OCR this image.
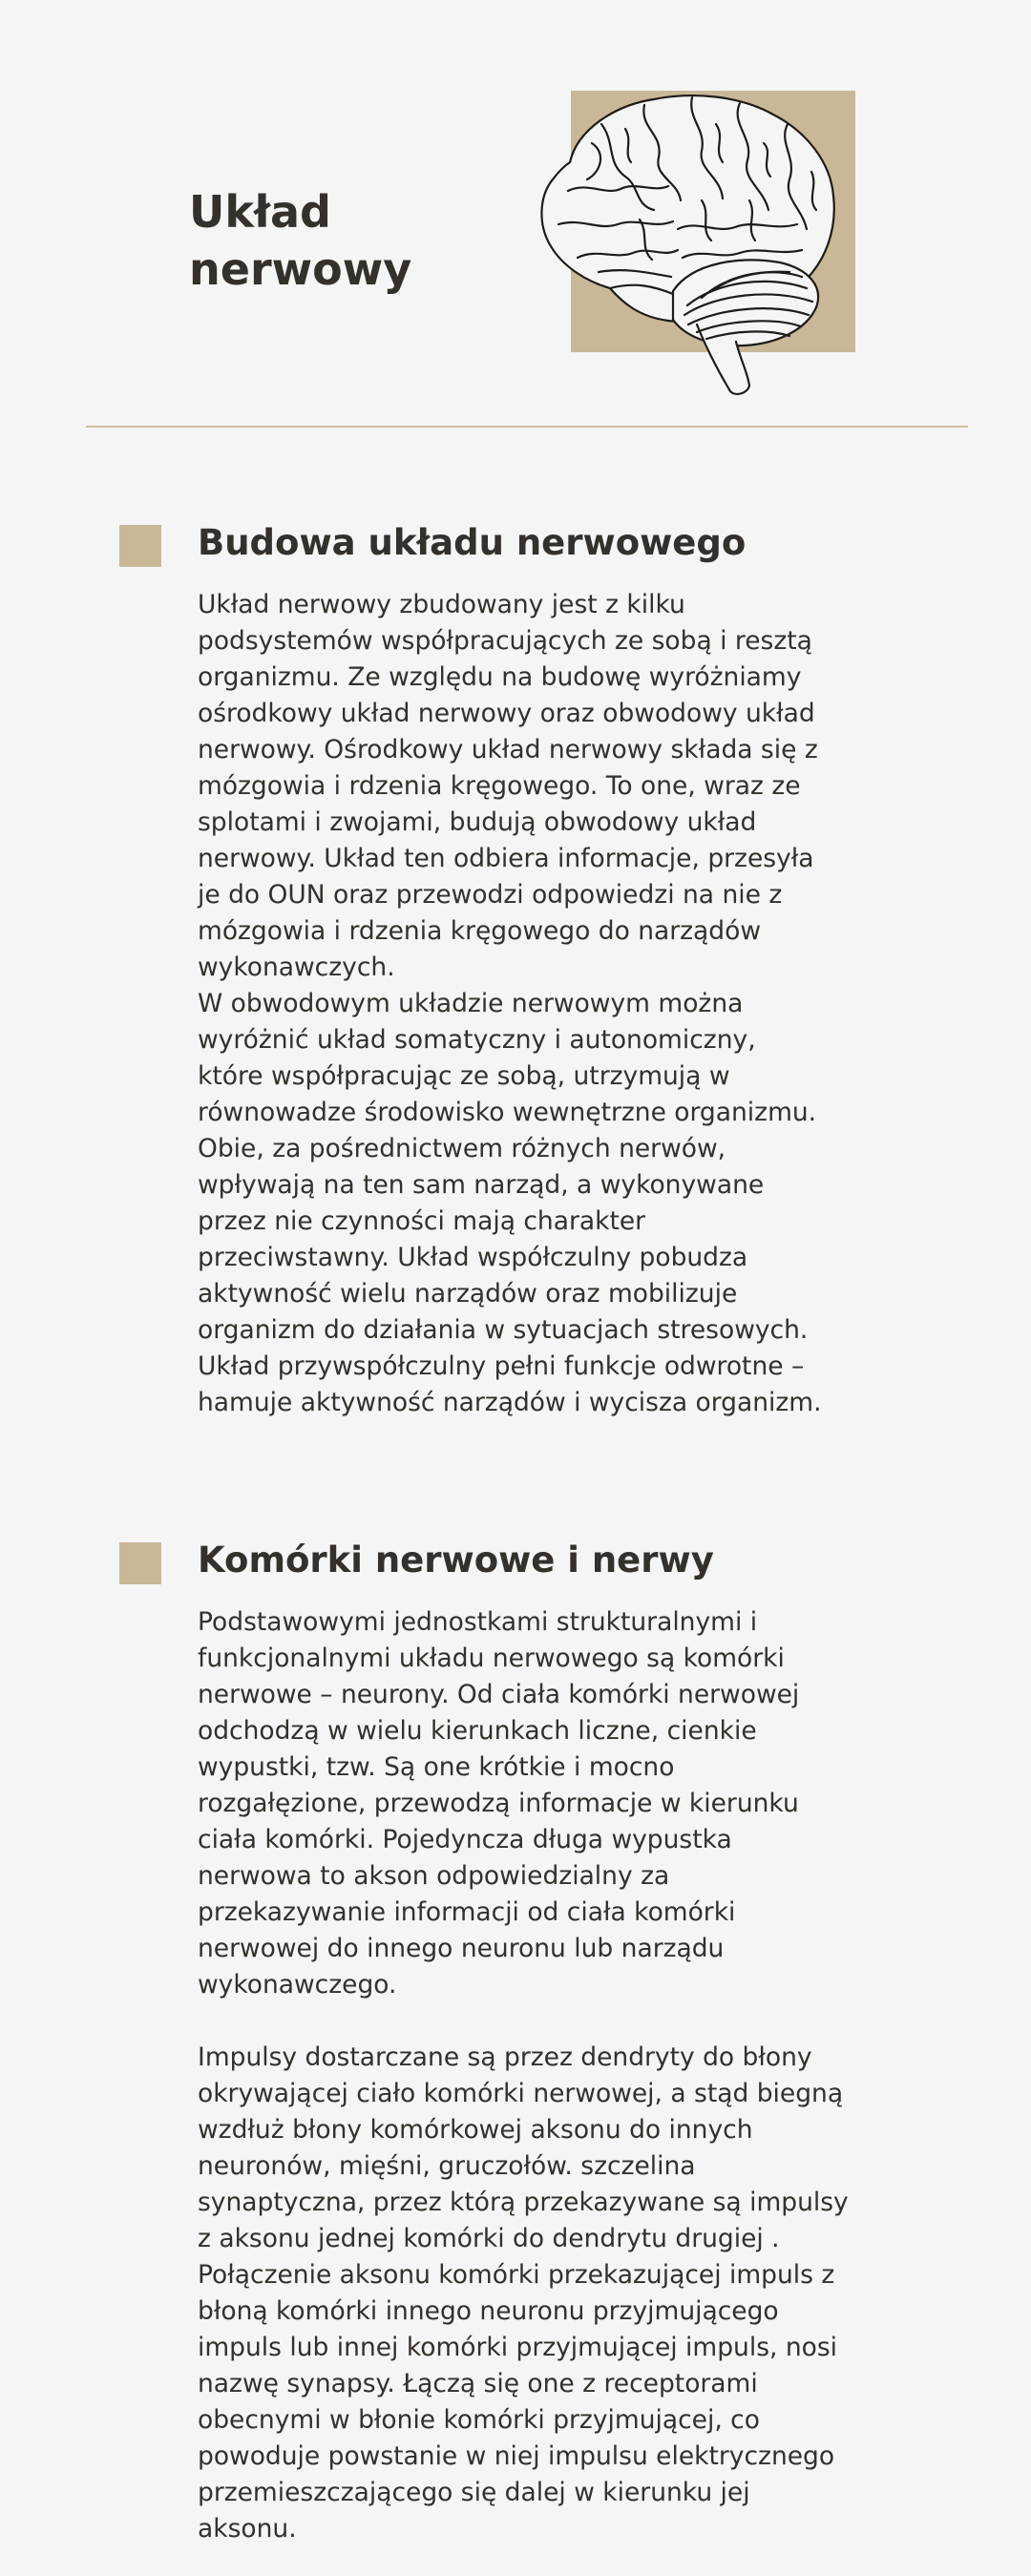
Układ
nerwowy
Budowa układu nerwowego

Układ nerwowy zbudowany jest z kilku
podsystemów współpracujących ze sobą i resztą
organizmu. Ze względu na budowę wyróżniamy
ośrodkowy układ nerwowy oraz obwodowy układ
nerwowy. Ośrodkowy układ nerwowy składa się z
mózgowia i rdzenia kręgowego. To one, wraz ze
splotami i zwojami, budują obwodowy układ
nerwowy. Układ ten odbiera informacje, przesyła
je do OUN oraz przewodzi odpowiedzi na nie z
mózgowia i rdzenia kręgowego do narządów
wykonawczych.

W obwodowym układzie nerwowym można
wyróżnić układ somatyczny i autonomiczny,
które współpracując ze sobą, utrzymują w
równowadze środowisko wewnętrzne organizmu.
Obie, za pośrednictwem różnych nerwów,
wpływają na ten sam narząd, a wykonywane
przez nie czynności mają charakter
przeciwstawny. Układ współczulny pobudza
aktywność wielu narządów oraz mobilizuje
organizm do działania w sytuacjach stresowych.
Układ przywspółczulny pełni funkcje odwrotne –
hamuje aktywność narządów i wycisza organizm.

Komórki nerwowe i nerwy

Podstawowymi jednostkami strukturalnymi i
funkcjonalnymi układu nerwowego są komórki
nerwowe – neurony. Od ciała komórki nerwowej
odchodzą w wielu kierunkach liczne, cienkie
wypustki, tzw. Są one krótkie i mocno
rozgałęzione, przewodzą informacje w kierunku
ciała komórki. Pojedyncza długa wypustka
nerwowa to akson odpowiedzialny za
przekazywanie informacji od ciała komórki
nerwowej do innego neuronu lub narządu
wykonawczego.

Impulsy dostarczane są przez dendryty do błony
okrywającej ciało komórki nerwowej, a stąd biegną
wzdłuż błony komórkowej aksonu do innych
neuronów, mięśni, gruczołów. szczelina
synaptyczna, przez którą przekazywane są impulsy
z aksonu jednej komórki do dendrytu drugiej .
Połączenie aksonu komórki przekazującej impuls z
błoną komórki innego neuronu przyjmującego
impuls lub innej komórki przyjmującej impuls, nosi
nazwę synapsy. Łączą się one z receptorami
obecnymi w błonie komórki przyjmującej, co
powoduje powstanie w niej impulsu elektrycznego
przemieszczającego się dalej w kierunku jej
aksonu.
